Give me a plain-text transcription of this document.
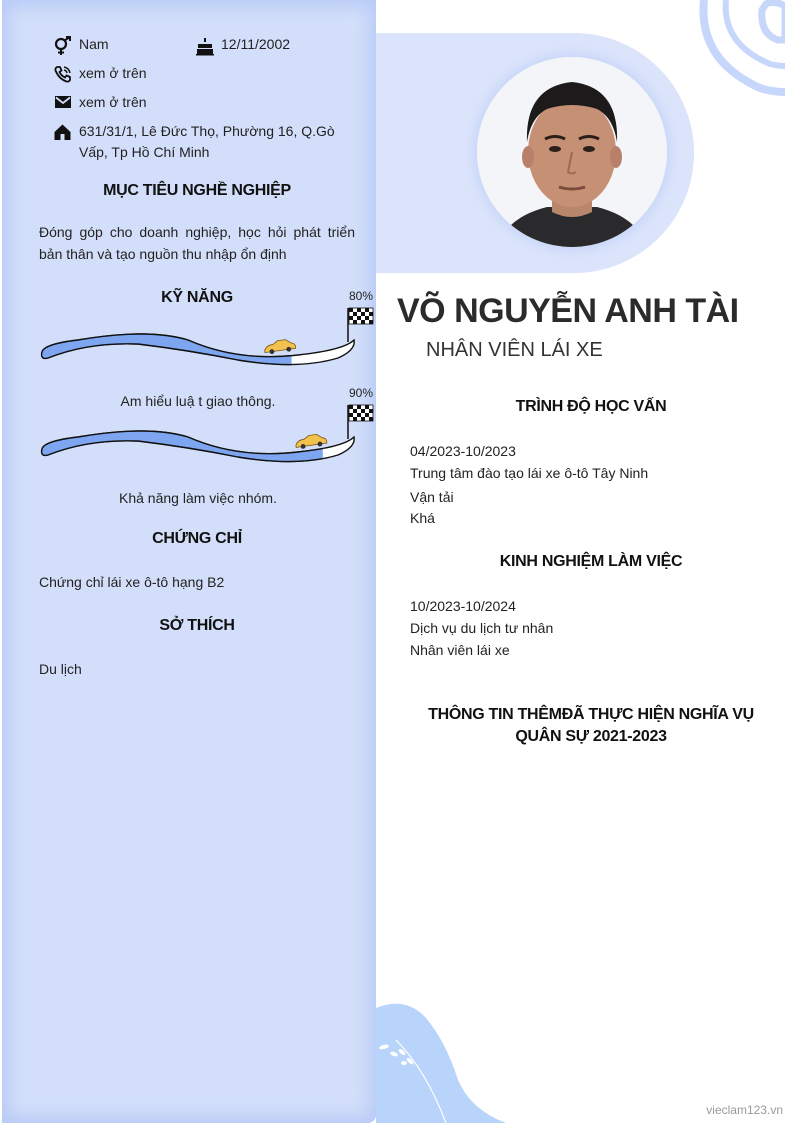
Nam	12/11/2002
xem ở trên
xem ở trên
631/31/1, Lê Đức Thọ, Phường 16, Q.Gò
Vấp, Tp Hồ Chí Minh
MỤC TIÊU NGHỀ NGHIỆP
Đóng góp cho doanh nghiệp, học hỏi phát triển
bản thân và tạo nguồn thu nhập ổn định
KỸ NĂNG	80%
Am hiểu luậ t giao thông.	90%
Khả năng làm việc nhóm.
CHỨNG CHỈ
Chứng chỉ lái xe ô-tô hạng B2
SỞ THÍCH
Du lịch
VÕ NGUYỄN ANH TÀI
NHÂN VIÊN LÁI XE
TRÌNH ĐỘ HỌC VẤN
04/2023-10/2023
Trung tâm đào tạo lái xe ô-tô Tây Ninh
Vận tải
Khá
KINH NGHIỆM LÀM VIỆC
10/2023-10/2024
Dịch vụ du lịch tư nhân
Nhân viên lái xe
THÔNG TIN THÊMĐÃ THỰC HIỆN NGHĨA VỤ
QUÂN SỰ 2021-2023
vieclam123.vn
